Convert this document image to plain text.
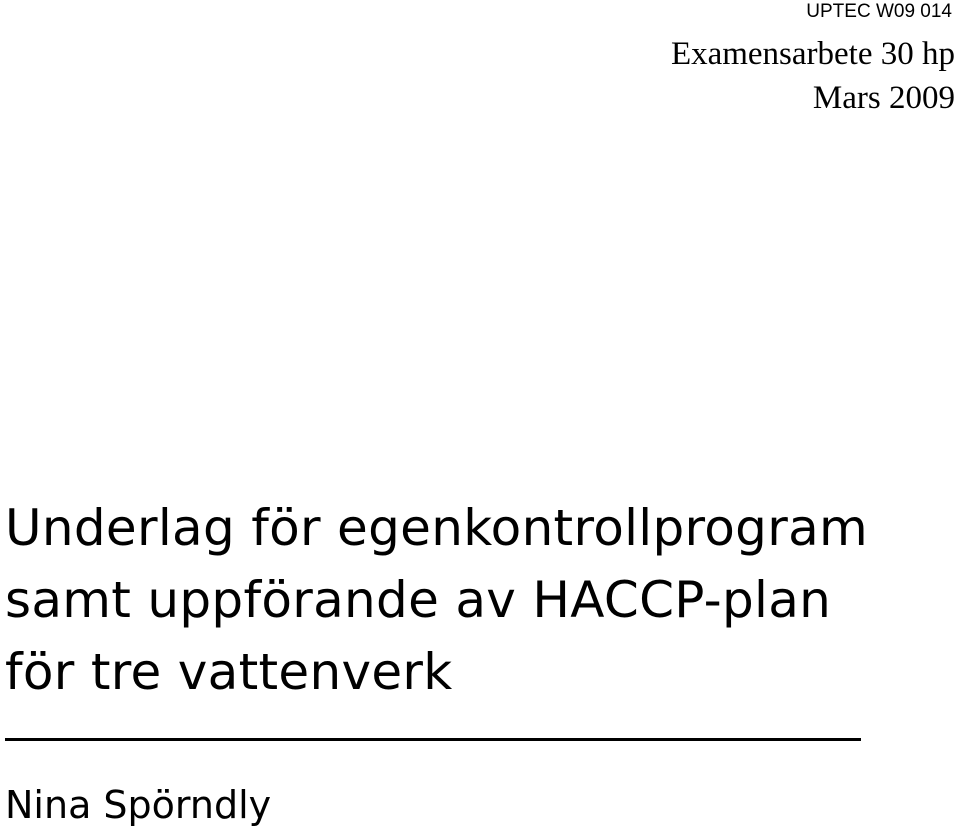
UPTEC W09 014
Examensarbete 30 hp
Mars 2009
Underlag för egenkontrollprogram
samt uppförande av HACCP-plan
för tre vattenverk
Nina Spörndly
